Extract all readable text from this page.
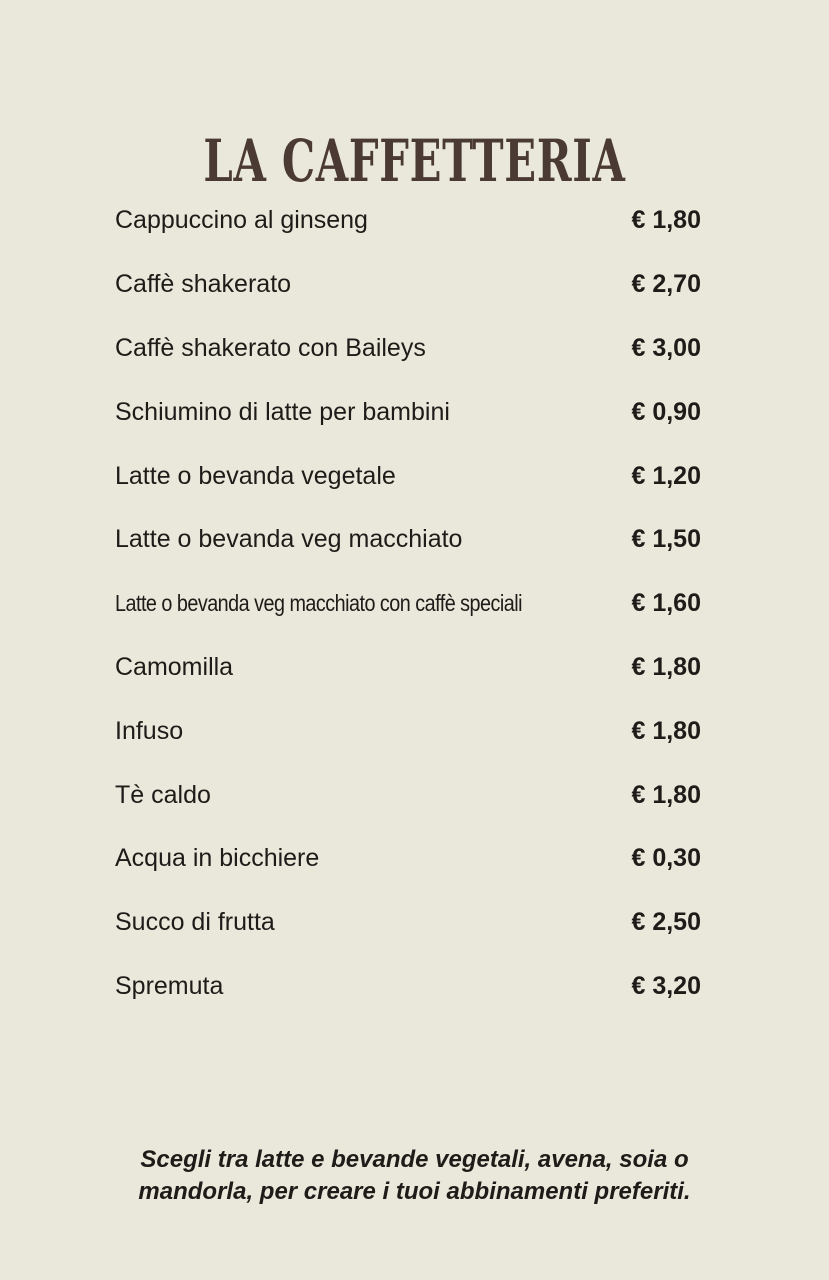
LA CAFFETTERIA
Cappuccino al ginseng	€ 1,80
Caffè shakerato	€ 2,70
Caffè shakerato con Baileys	€ 3,00
Schiumino di latte per bambini	€ 0,90
Latte o bevanda vegetale	€ 1,20
Latte o bevanda veg macchiato	€ 1,50
Latte o bevanda veg macchiato con caffè speciali	€ 1,60
Camomilla	€ 1,80
Infuso	€ 1,80
Tè caldo	€ 1,80
Acqua in bicchiere	€ 0,30
Succo di frutta	€ 2,50
Spremuta	€ 3,20

Scegli tra latte e bevande vegetali, avena, soia o
mandorla, per creare i tuoi abbinamenti preferiti.
